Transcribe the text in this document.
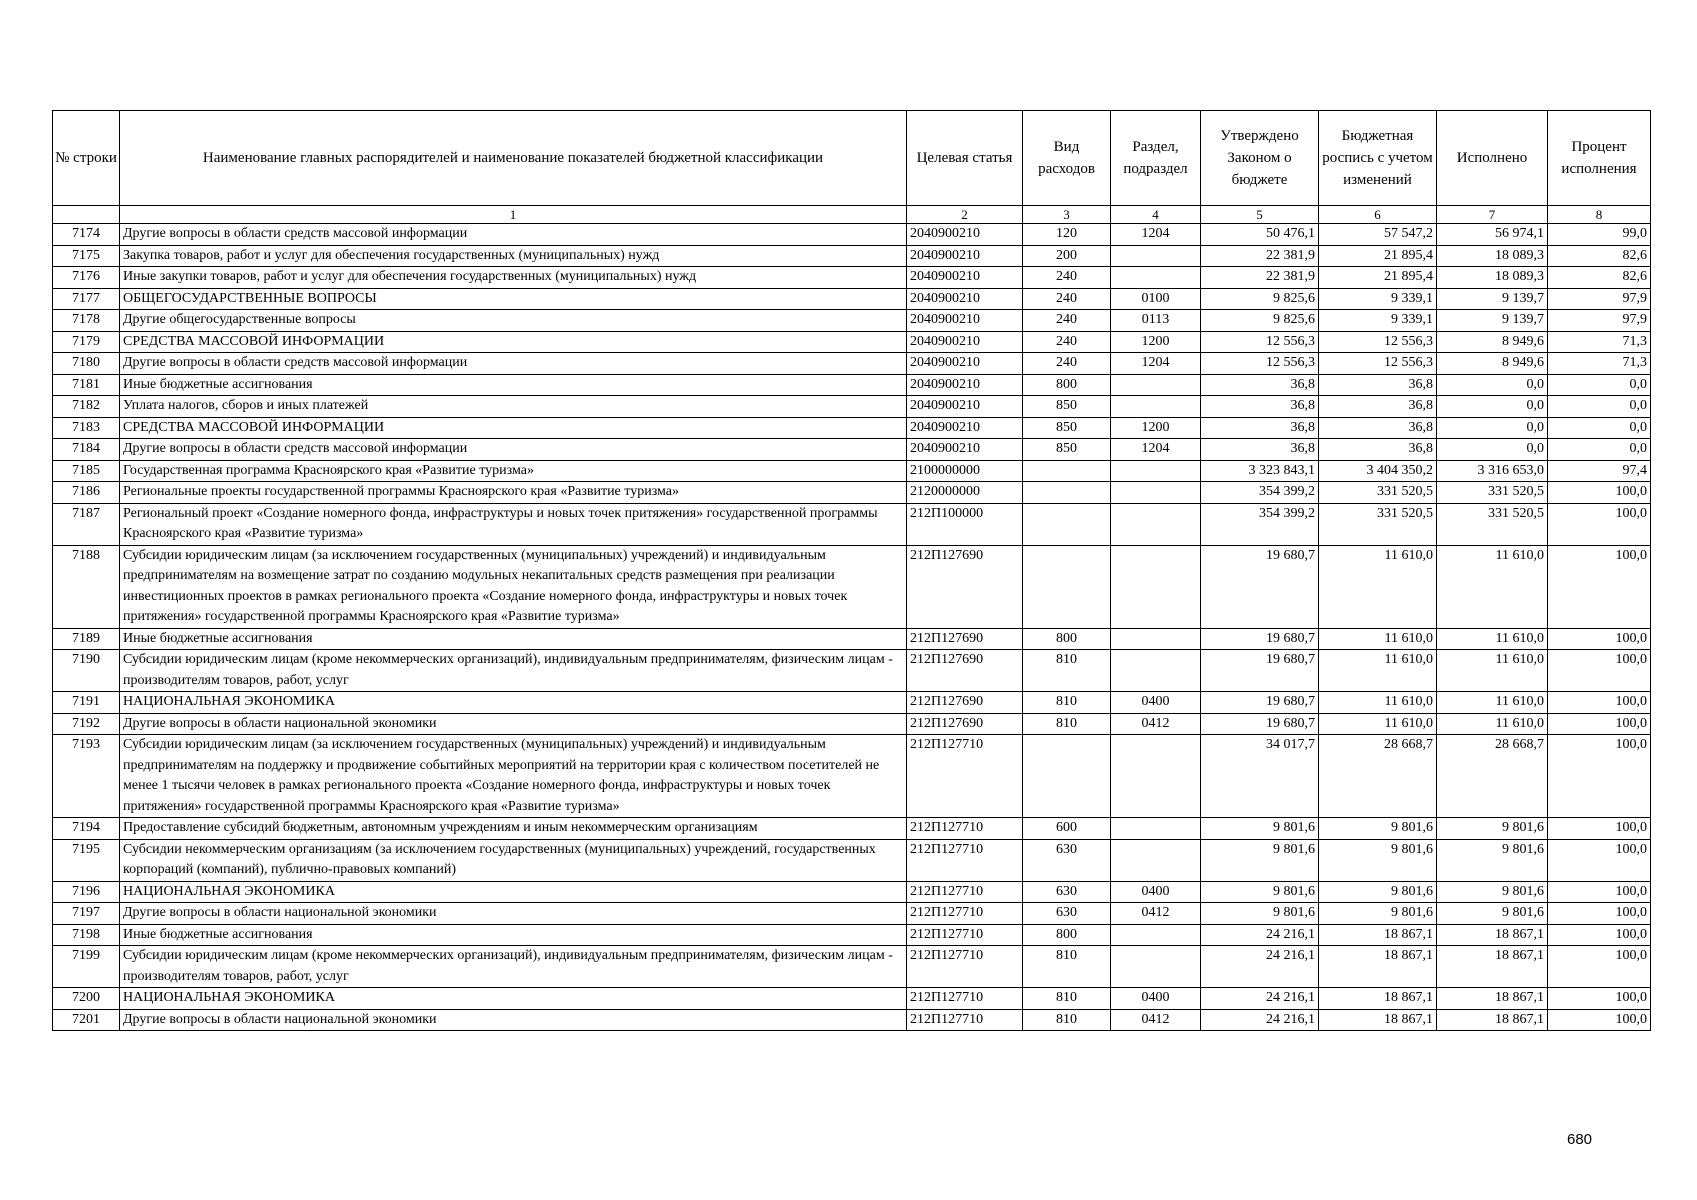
№ строки	Наименование главных распорядителей и наименование показателей бюджетной классификации	Целевая статья	Вид расходов	Раздел, подраздел	Утверждено Законом о бюджете	Бюджетная роспись с учетом изменений	Исполнено	Процент исполнения
	1	2	3	4	5	6	7	8
7174	Другие вопросы в области средств массовой информации	2040900210	120	1204	50 476,1	57 547,2	56 974,1	99,0
7175	Закупка товаров, работ и услуг для обеспечения государственных (муниципальных) нужд	2040900210	200		22 381,9	21 895,4	18 089,3	82,6
7176	Иные закупки товаров, работ и услуг для обеспечения государственных (муниципальных) нужд	2040900210	240		22 381,9	21 895,4	18 089,3	82,6
7177	ОБЩЕГОСУДАРСТВЕННЫЕ ВОПРОСЫ	2040900210	240	0100	9 825,6	9 339,1	9 139,7	97,9
7178	Другие общегосударственные вопросы	2040900210	240	0113	9 825,6	9 339,1	9 139,7	97,9
7179	СРЕДСТВА МАССОВОЙ ИНФОРМАЦИИ	2040900210	240	1200	12 556,3	12 556,3	8 949,6	71,3
7180	Другие вопросы в области средств массовой информации	2040900210	240	1204	12 556,3	12 556,3	8 949,6	71,3
7181	Иные бюджетные ассигнования	2040900210	800		36,8	36,8	0,0	0,0
7182	Уплата налогов, сборов и иных платежей	2040900210	850		36,8	36,8	0,0	0,0
7183	СРЕДСТВА МАССОВОЙ ИНФОРМАЦИИ	2040900210	850	1200	36,8	36,8	0,0	0,0
7184	Другие вопросы в области средств массовой информации	2040900210	850	1204	36,8	36,8	0,0	0,0
7185	Государственная программа Красноярского края «Развитие туризма»	2100000000			3 323 843,1	3 404 350,2	3 316 653,0	97,4
7186	Региональные проекты государственной программы Красноярского края «Развитие туризма»	2120000000			354 399,2	331 520,5	331 520,5	100,0
7187	Региональный проект «Создание номерного фонда, инфраструктуры и новых точек притяжения» государственной программы Красноярского края «Развитие туризма»	212П100000			354 399,2	331 520,5	331 520,5	100,0
7188	Субсидии юридическим лицам (за исключением государственных (муниципальных) учреждений) и индивидуальным предпринимателям на возмещение затрат по созданию модульных некапитальных средств размещения при реализации инвестиционных проектов в рамках регионального проекта «Создание номерного фонда, инфраструктуры и новых точек притяжения» государственной программы Красноярского края «Развитие туризма»	212П127690			19 680,7	11 610,0	11 610,0	100,0
7189	Иные бюджетные ассигнования	212П127690	800		19 680,7	11 610,0	11 610,0	100,0
7190	Субсидии юридическим лицам (кроме некоммерческих организаций), индивидуальным предпринимателям, физическим лицам - производителям товаров, работ, услуг	212П127690	810		19 680,7	11 610,0	11 610,0	100,0
7191	НАЦИОНАЛЬНАЯ ЭКОНОМИКА	212П127690	810	0400	19 680,7	11 610,0	11 610,0	100,0
7192	Другие вопросы в области национальной экономики	212П127690	810	0412	19 680,7	11 610,0	11 610,0	100,0
7193	Субсидии юридическим лицам (за исключением государственных (муниципальных) учреждений) и индивидуальным предпринимателям на поддержку и продвижение событийных мероприятий на территории края с количеством посетителей не менее 1 тысячи человек в рамках регионального проекта «Создание номерного фонда, инфраструктуры и новых точек притяжения» государственной программы Красноярского края «Развитие туризма»	212П127710			34 017,7	28 668,7	28 668,7	100,0
7194	Предоставление субсидий бюджетным, автономным учреждениям и иным некоммерческим организациям	212П127710	600		9 801,6	9 801,6	9 801,6	100,0
7195	Субсидии некоммерческим организациям (за исключением государственных (муниципальных) учреждений, государственных корпораций (компаний), публично-правовых компаний)	212П127710	630		9 801,6	9 801,6	9 801,6	100,0
7196	НАЦИОНАЛЬНАЯ ЭКОНОМИКА	212П127710	630	0400	9 801,6	9 801,6	9 801,6	100,0
7197	Другие вопросы в области национальной экономики	212П127710	630	0412	9 801,6	9 801,6	9 801,6	100,0
7198	Иные бюджетные ассигнования	212П127710	800		24 216,1	18 867,1	18 867,1	100,0
7199	Субсидии юридическим лицам (кроме некоммерческих организаций), индивидуальным предпринимателям, физическим лицам - производителям товаров, работ, услуг	212П127710	810		24 216,1	18 867,1	18 867,1	100,0
7200	НАЦИОНАЛЬНАЯ ЭКОНОМИКА	212П127710	810	0400	24 216,1	18 867,1	18 867,1	100,0
7201	Другие вопросы в области национальной экономики	212П127710	810	0412	24 216,1	18 867,1	18 867,1	100,0
680
